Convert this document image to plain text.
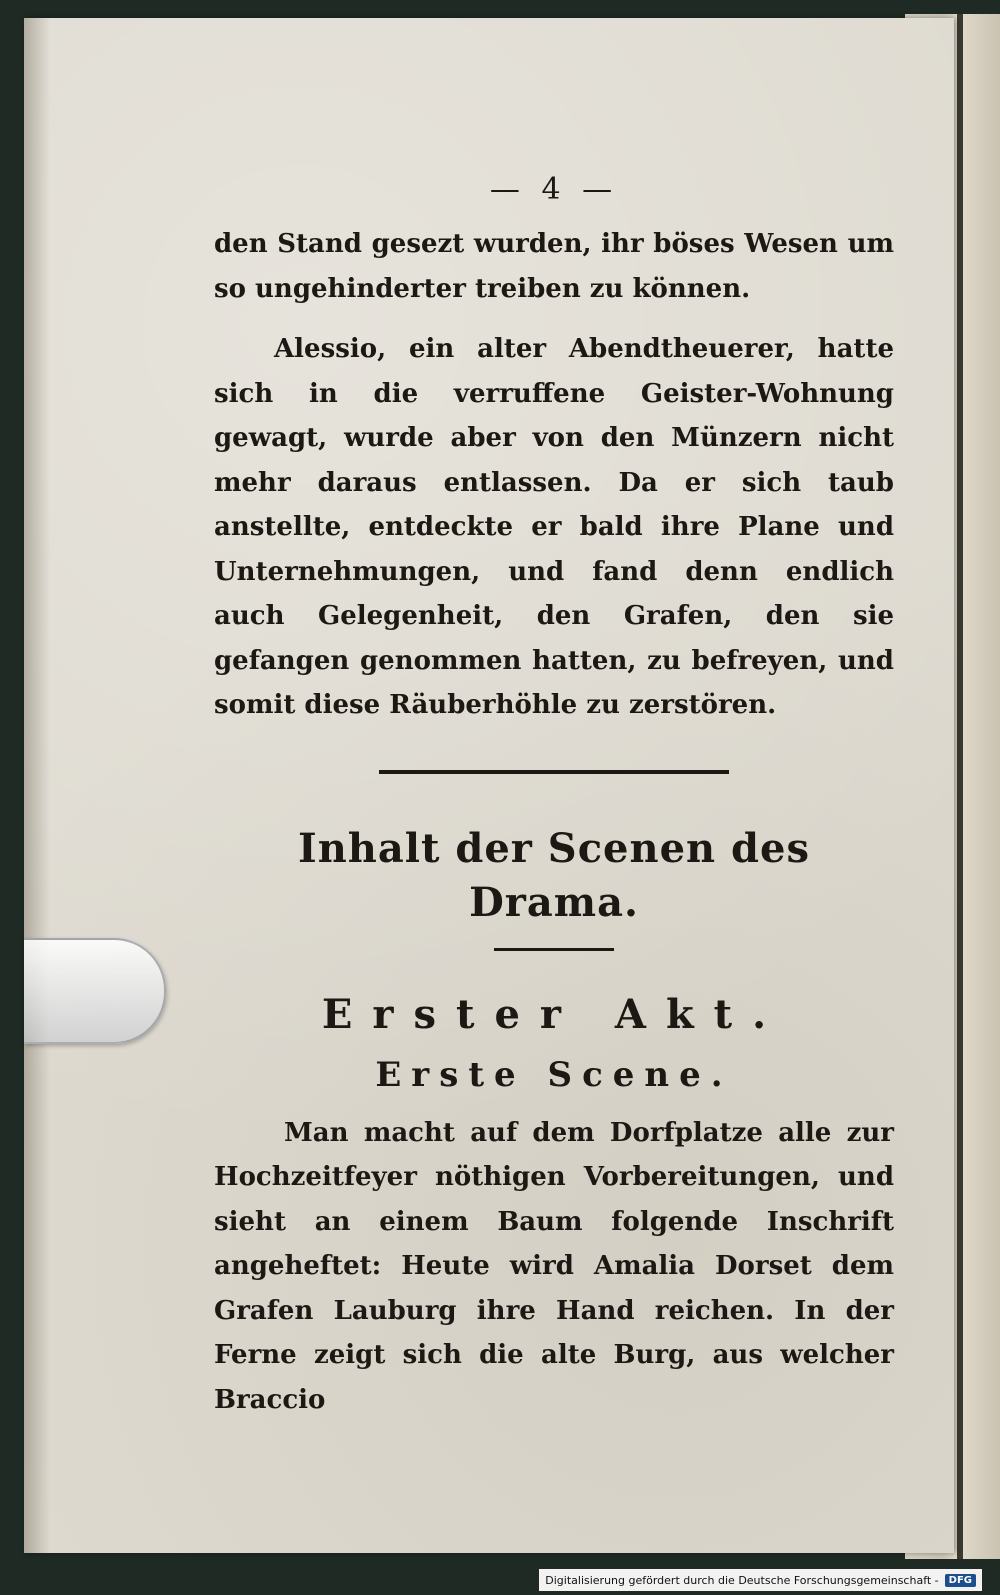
— 4 —

den Stand gesezt wurden, ihr böses Wesen um so ungehinderter treiben zu können.

Alessio, ein alter Abendtheuerer, hatte sich in die verruffene Geister-Wohnung gewagt, wurde aber von den Münzern nicht mehr daraus entlassen. Da er sich taub anstellte, entdeckte er bald ihre Plane und Unternehmungen, und fand denn endlich auch Gelegenheit, den Grafen, den sie gefangen genommen hatten, zu befreyen, und somit diese Räuberhöhle zu zerstören.

Inhalt der Scenen des Drama.
Erster Akt.
Erste Scene.

Man macht auf dem Dorfplatze alle zur Hochzeitfeyer nöthigen Vorbereitungen, und sieht an einem Baum folgende Inschrift angeheftet: Heute wird Amalia Dorset dem Grafen Lauburg ihre Hand reichen. In der Ferne zeigt sich die alte Burg, aus welcher Braccio

Digitalisierung gefördert durch die Deutsche Forschungsgemeinschaft -	DFG
